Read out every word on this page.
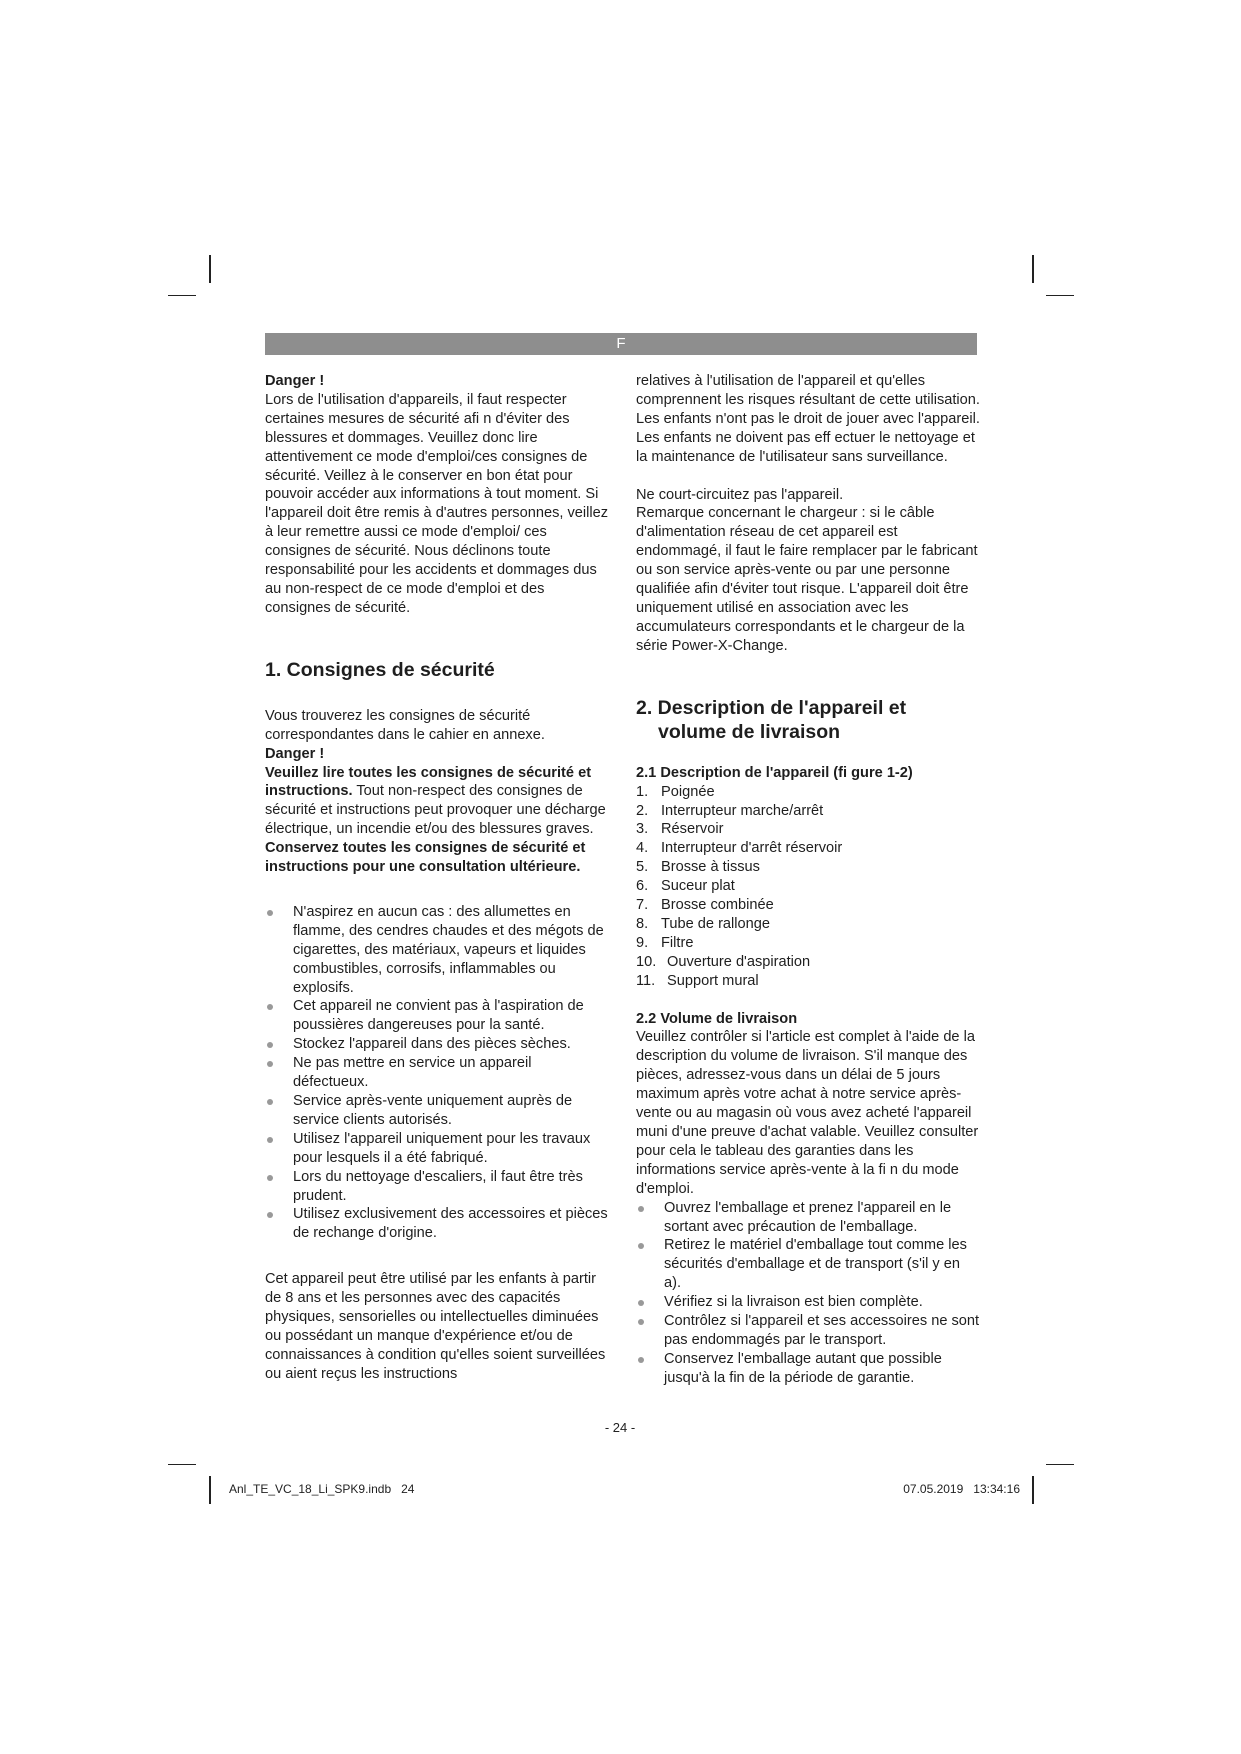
F

Danger !

Lors de l'utilisation d'appareils, il faut respecter certaines mesures de sécurité afi n d'éviter des blessures et dommages. Veuillez donc lire attentivement ce mode d'emploi/ces consignes de sécurité. Veillez à le conserver en bon état pour pouvoir accéder aux informations à tout moment. Si l'appareil doit être remis à d'autres personnes, veillez à leur remettre aussi ce mode d'emploi/ ces consignes de sécurité. Nous déclinons toute responsabilité pour les accidents et dommages dus au non-respect de ce mode d'emploi et des consignes de sécurité.

1. Consignes de sécurité

Vous trouverez les consignes de sécurité correspondantes dans le cahier en annexe.

Danger !

Veuillez lire toutes les consignes de sécurité et instructions. Tout non-respect des consignes de sécurité et instructions peut provoquer une décharge électrique, un incendie et/ou des blessures graves.

Conservez toutes les consignes de sécurité et instructions pour une consultation ultérieure.

N'aspirez en aucun cas : des allumettes en flamme, des cendres chaudes et des mégots de cigarettes, des matériaux, vapeurs et liquides combustibles, corrosifs, inflammables ou explosifs.
Cet appareil ne convient pas à l'aspiration de poussières dangereuses pour la santé.
Stockez l'appareil dans des pièces sèches.
Ne pas mettre en service un appareil défectueux.
Service après-vente uniquement auprès de service clients autorisés.
Utilisez l'appareil uniquement pour les travaux pour lesquels il a été fabriqué.
Lors du nettoyage d'escaliers, il faut être très prudent.
Utilisez exclusivement des accessoires et pièces de rechange d'origine.

Cet appareil peut être utilisé par les enfants à partir de 8 ans et les personnes avec des capacités physiques, sensorielles ou intellectuelles diminuées ou possédant un manque d'expérience et/ou de connaissances à condition qu'elles soient surveillées ou aient reçus les instructions

relatives à l'utilisation de l'appareil et qu'elles comprennent les risques résultant de cette utilisation. Les enfants n'ont pas le droit de jouer avec l'appareil. Les enfants ne doivent pas eff ectuer le nettoyage et la maintenance de l'utilisateur sans surveillance.

Ne court-circuitez pas l'appareil.

Remarque concernant le chargeur : si le câble d'alimentation réseau de cet appareil est endommagé, il faut le faire remplacer par le fabricant ou son service après-vente ou par une personne qualifiée afin d'éviter tout risque. L'appareil doit être uniquement utilisé en association avec les accumulateurs correspondants et le chargeur de la série Power-X-Change.

2. Description de l'appareil et
volume de livraison

2.1 Description de l'appareil (fi gure 1-2)

1. Poignée
2. Interrupteur marche/arrêt
3. Réservoir
4. Interrupteur d'arrêt réservoir
5. Brosse à tissus
6. Suceur plat
7. Brosse combinée
8. Tube de rallonge
9. Filtre
10. Ouverture d'aspiration
11. Support mural

2.2 Volume de livraison

Veuillez contrôler si l'article est complet à l'aide de la description du volume de livraison. S'il manque des pièces, adressez-vous dans un délai de 5 jours maximum après votre achat à notre service après-vente ou au magasin où vous avez acheté l'appareil muni d'une preuve d'achat valable. Veuillez consulter pour cela le tableau des garanties dans les informations service après-vente à la fi n du mode d'emploi.

Ouvrez l'emballage et prenez l'appareil en le sortant avec précaution de l'emballage.
Retirez le matériel d'emballage tout comme les sécurités d'emballage et de transport (s'il y en a).
Vérifiez si la livraison est bien complète.
Contrôlez si l'appareil et ses accessoires ne sont pas endommagés par le transport.
Conservez l'emballage autant que possible jusqu'à la fin de la période de garantie.
- 24 -
Anl_TE_VC_18_Li_SPK9.indb   24	07.05.2019   13:34:16
